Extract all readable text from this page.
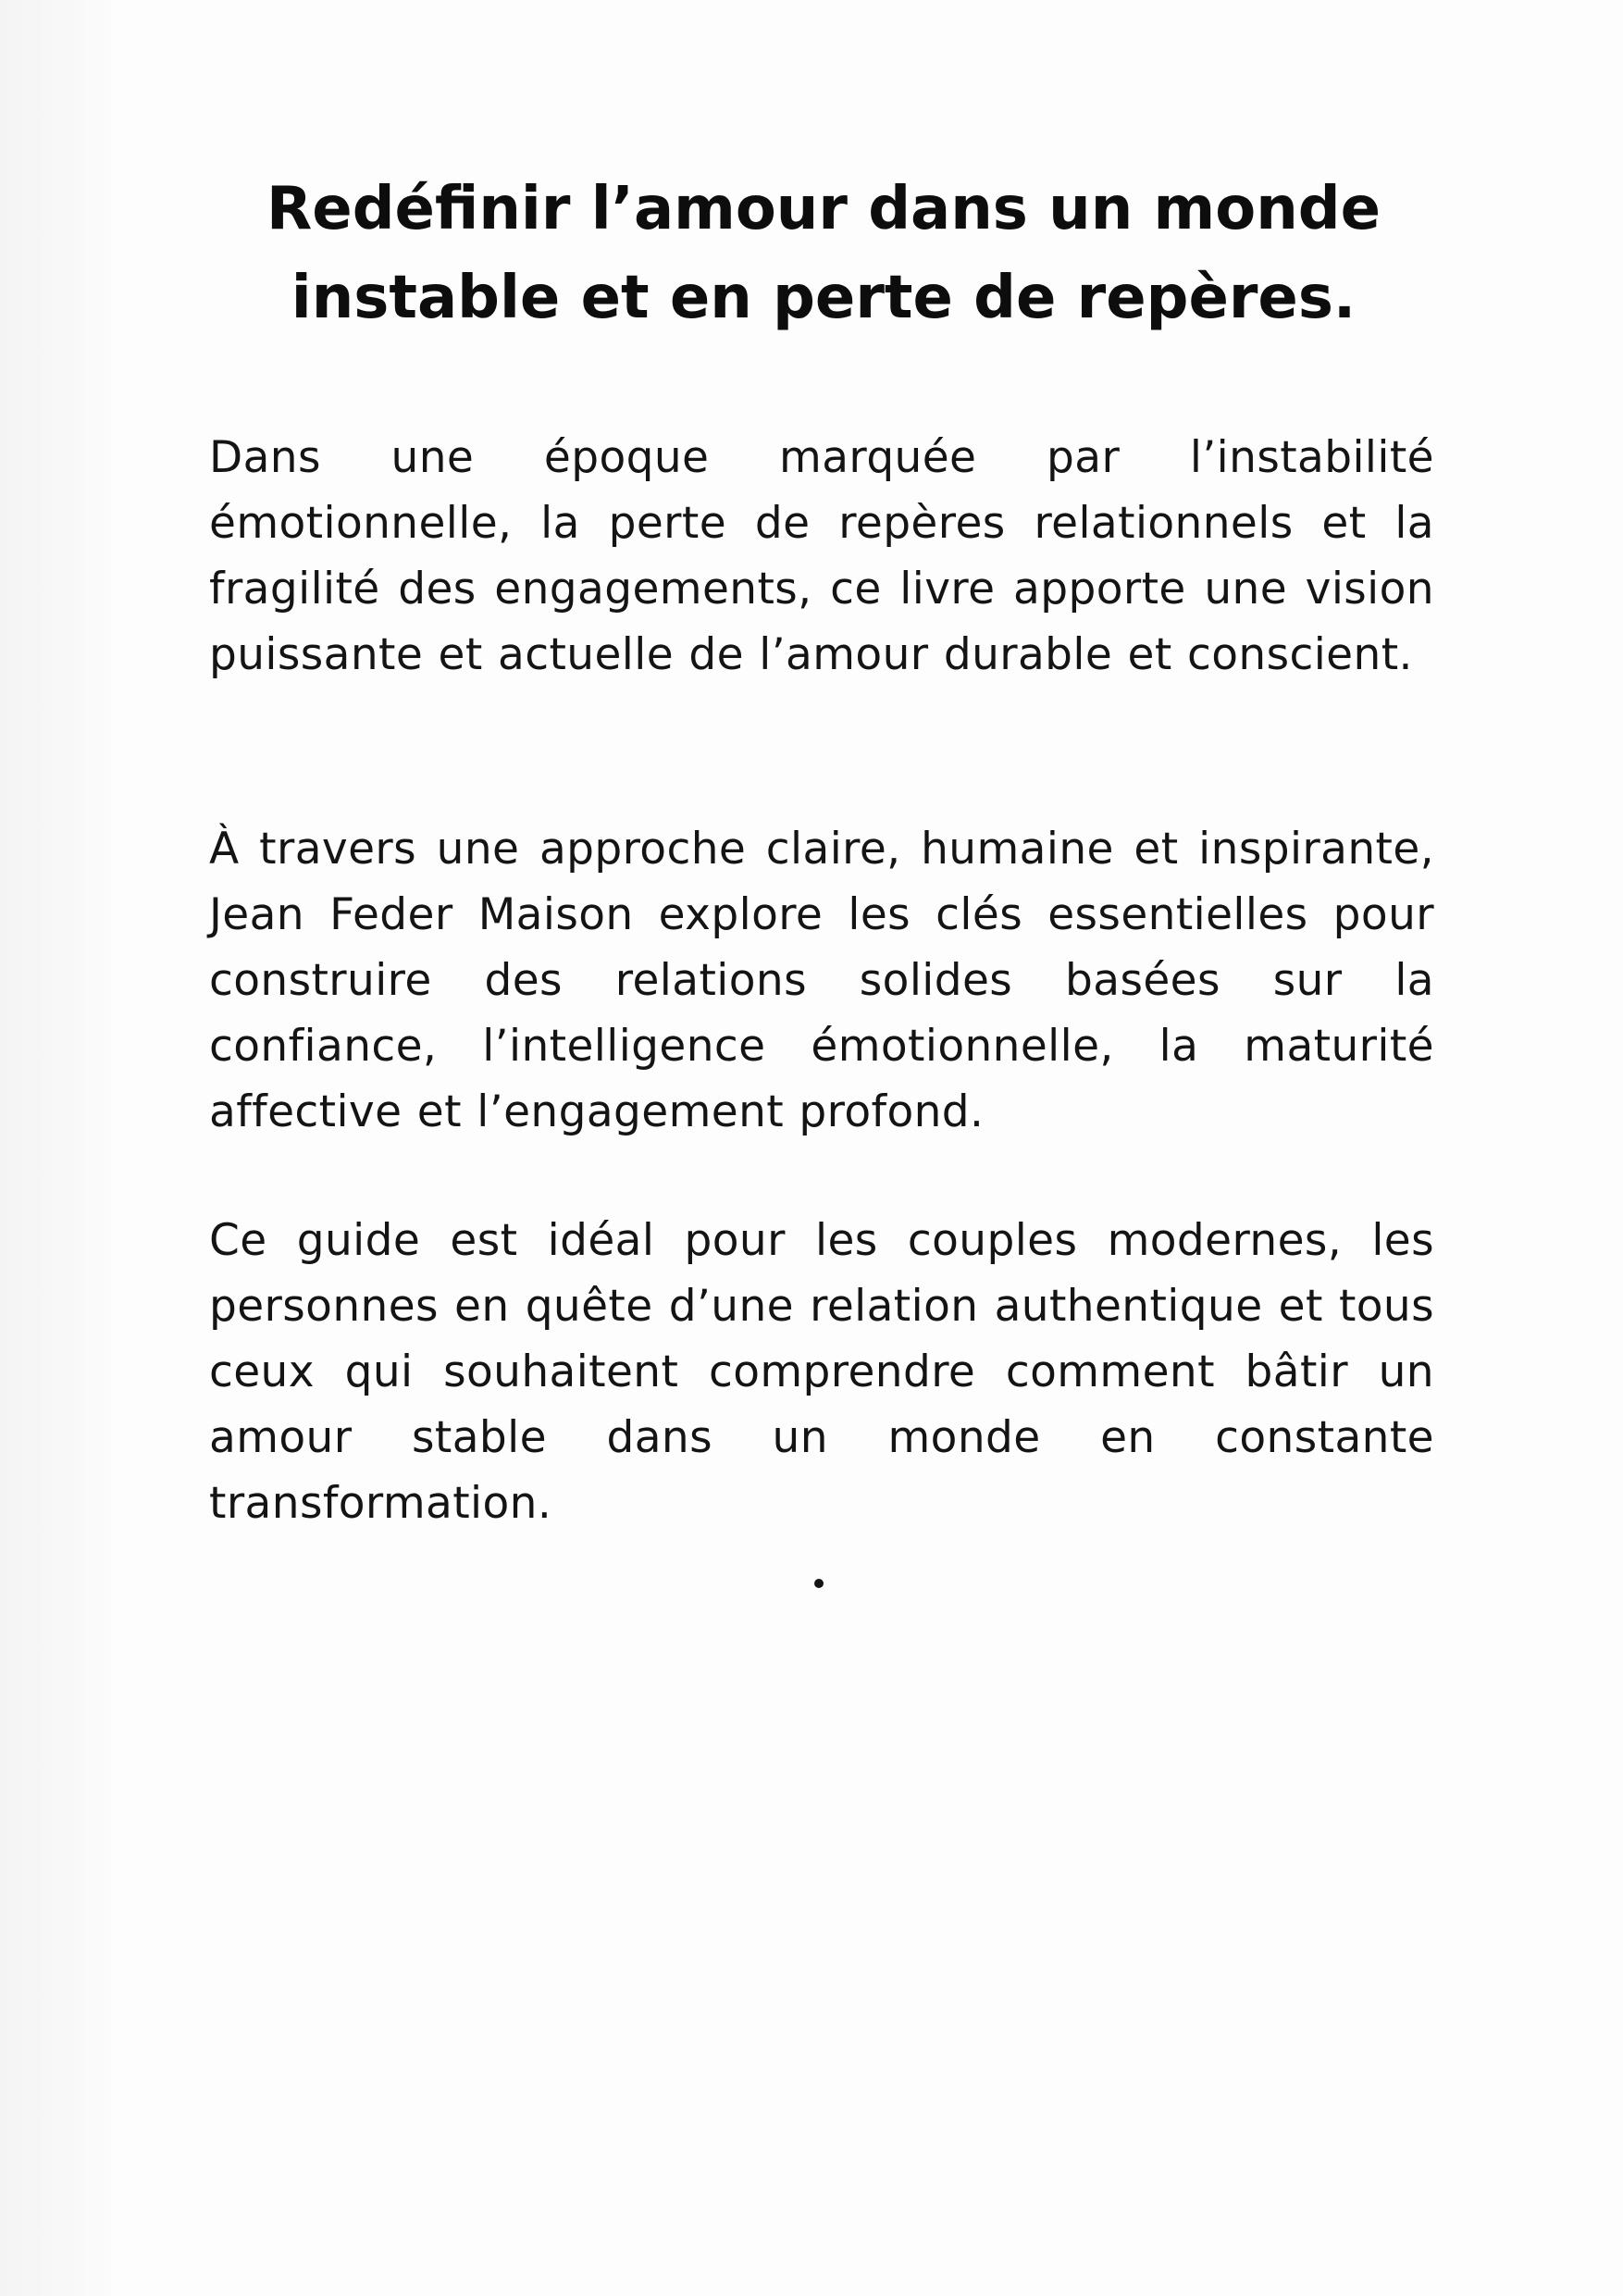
Redéfinir l’amour dans un monde instable et en perte de repères.

Dans une époque marquée par l’instabilité émotionnelle, la perte de repères relationnels et la fragilité des engagements, ce livre apporte une vision puissante et actuelle de l’amour durable et conscient.

À travers une approche claire, humaine et inspirante, Jean Feder Maison explore les clés essentielles pour construire des relations solides basées sur la confiance, l’intelligence émotionnelle, la maturité affective et l’engagement profond.

Ce guide est idéal pour les couples modernes, les personnes en quête d’une relation authentique et tous ceux qui souhaitent comprendre comment bâtir un amour stable dans un monde en constante transformation.
